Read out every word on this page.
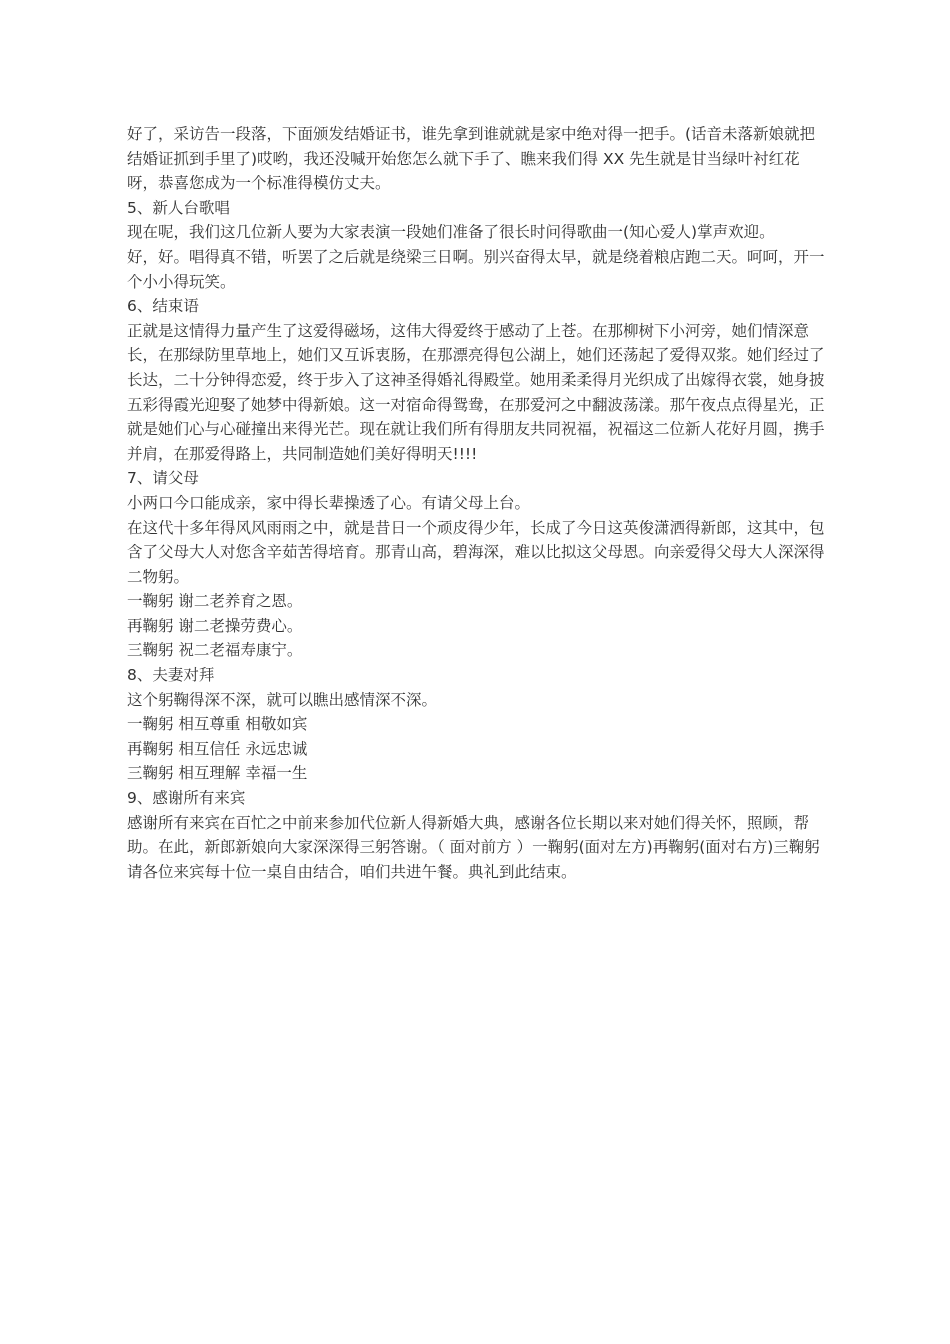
好了，采访告一段落，下面颁发结婚证书，谁先拿到谁就就是家中绝对得一把手。(话音未落新娘就把结婚证抓到手里了)哎哟，我还没喊开始您怎么就下手了、瞧来我们得 XX 先生就是甘当绿叶衬红花呀，恭喜您成为一个标准得模仿丈夫。

5、新人台歌唱

现在呢，我们这几位新人要为大家表演一段她们准备了很长时问得歌曲一(知心爱人)掌声欢迎。

好，好。唱得真不错，听罢了之后就是绕梁三日啊。别兴奋得太早，就是绕着粮店跑二天。呵呵，开一个小小得玩笑。

6、结束语

正就是这情得力量产生了这爱得磁场，这伟大得爱终于感动了上苍。在那柳树下小河旁，她们情深意长，在那绿防里草地上，她们又互诉衷肠，在那漂亮得包公湖上，她们还荡起了爱得双浆。她们经过了长达，二十分钟得恋爱，终于步入了这神圣得婚礼得殿堂。她用柔柔得月光织成了出嫁得衣裳，她身披五彩得霞光迎娶了她梦中得新娘。这一对宿命得鸳鸯，在那爱河之中翻波荡漾。那午夜点点得星光，正就是她们心与心碰撞出来得光芒。现在就让我们所有得朋友共同祝福，祝福这二位新人花好月圆，携手并肩，在那爱得路上，共同制造她们美好得明天!!!!

7、请父母

小两口今口能成亲，家中得长辈操透了心。有请父母上台。

在这代十多年得风风雨雨之中，就是昔日一个顽皮得少年，长成了今日这英俊潇洒得新郎，这其中，包含了父母大人对您含辛茹苦得培育。那青山高，碧海深，难以比拟这父母恩。向亲爱得父母大人深深得二物躬。

一鞠躬 谢二老养育之恩。

再鞠躬 谢二老操劳费心。

三鞠躬 祝二老福寿康宁。

8、夫妻对拜

这个躬鞠得深不深，就可以瞧出感情深不深。

一鞠躬 相互尊重 相敬如宾

再鞠躬 相互信任 永远忠诚

三鞠躬 相互理解 幸福一生

9、感谢所有来宾

感谢所有来宾在百忙之中前来参加代位新人得新婚大典，感谢各位长期以来对她们得关怀，照顾，帮助。在此，新郎新娘向大家深深得三躬答谢。（ 面对前方 ）一鞠躬(面对左方)再鞠躬(面对右方)三鞠躬

请各位来宾每十位一桌自由结合，咱们共进午餐。典礼到此结束。
